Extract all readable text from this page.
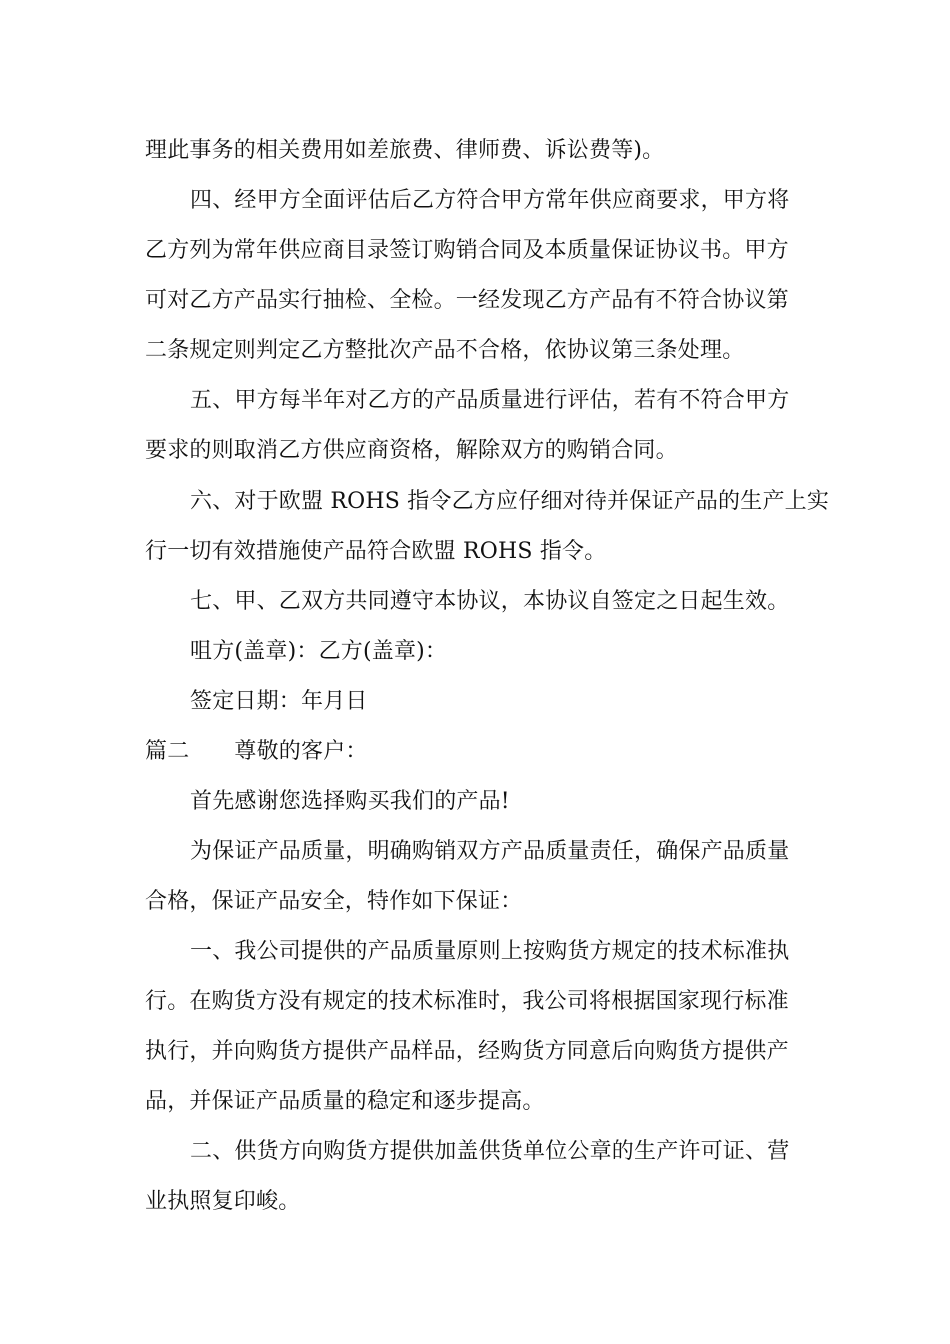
理此事务的相关费用如差旅费、律师费、诉讼费等)。
四、经甲方全面评估后乙方符合甲方常年供应商要求，甲方将
乙方列为常年供应商目录签订购销合同及本质量保证协议书。甲方
可对乙方产品实行抽检、全检。一经发现乙方产品有不符合协议第
二条规定则判定乙方整批次产品不合格，依协议第三条处理。
五、甲方每半年对乙方的产品质量进行评估，若有不符合甲方
要求的则取消乙方供应商资格，解除双方的购销合同。
六、对于欧盟 ROHS 指令乙方应仔细对待并保证产品的生产上实
行一切有效措施使产品符合欧盟 ROHS 指令。
七、甲、乙双方共同遵守本协议，本协议自签定之日起生效。
咀方(盖章)：乙方(盖章)：
签定日期：年月日
篇二 尊敬的客户：
首先感谢您选择购买我们的产品!
为保证产品质量，明确购销双方产品质量责任，确保产品质量
合格，保证产品安全，特作如下保证：
一、我公司提供的产品质量原则上按购货方规定的技术标准执
行。在购货方没有规定的技术标准时，我公司将根据国家现行标准
执行，并向购货方提供产品样品，经购货方同意后向购货方提供产
品，并保证产品质量的稳定和逐步提高。
二、供货方向购货方提供加盖供货单位公章的生产许可证、营
业执照复印峻。
